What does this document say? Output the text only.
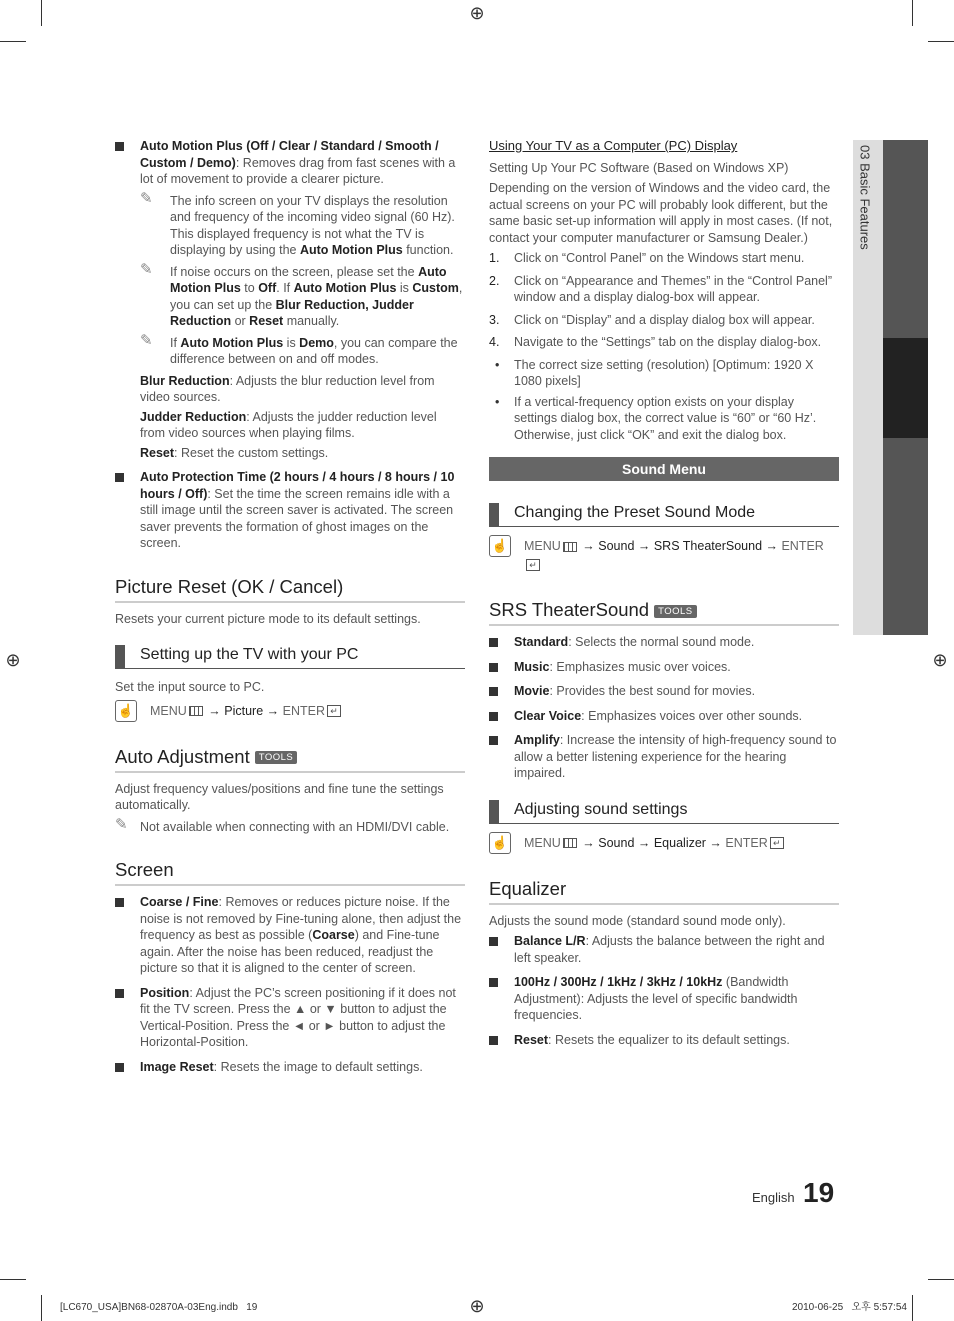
⊕
⊕	⊕
⊕
03 Basic Features
Auto Motion Plus (Off / Clear / Standard / Smooth / Custom / Demo): Removes drag from fast scenes with a lot of movement to provide a clearer picture.
✎ The info screen on your TV displays the resolution and frequency of the incoming video signal (60 Hz). This displayed frequency is not what the TV is displaying by using the Auto Motion Plus function.
✎ If noise occurs on the screen, please set the Auto Motion Plus to Off. If Auto Motion Plus is Custom, you can set up the Blur Reduction, Judder Reduction or Reset manually.
✎ If Auto Motion Plus is Demo, you can compare the difference between on and off modes.

Blur Reduction: Adjusts the blur reduction level from video sources.

Judder Reduction: Adjusts the judder reduction level from video sources when playing films.

Reset: Reset the custom settings.

Auto Protection Time (2 hours / 4 hours / 8 hours / 10 hours / Off): Set the time the screen remains idle with a still image until the screen saver is activated. The screen saver prevents the formation of ghost images on the screen.
Picture Reset (OK / Cancel)

Resets your current picture mode to its default settings.

Setting up the TV with your PC

Set the input source to PC.

☝ MENU → Picture → ENTER ↵
Auto Adjustment TOOLS

Adjust frequency values/positions and fine tune the settings automatically.

✎ Not available when connecting with an HDMI/DVI cable.
Screen
Coarse / Fine: Removes or reduces picture noise. If the noise is not removed by Fine-tuning alone, then adjust the frequency as best as possible (Coarse) and Fine-tune again. After the noise has been reduced, readjust the picture so that it is aligned to the center of screen.
Position: Adjust the PC’s screen positioning if it does not fit the TV screen. Press the ▲ or ▼ button to adjust the Vertical-Position. Press the ◄ or ► button to adjust the Horizontal-Position.
Image Reset: Resets the image to default settings.

Using Your TV as a Computer (PC) Display

Setting Up Your PC Software (Based on Windows XP)

Depending on the version of Windows and the video card, the actual screens on your PC will probably look different, but the same basic set-up information will apply in most cases. (If not, contact your computer manufacturer or Samsung Dealer.)

1. Click on “Control Panel” on the Windows start menu.
2. Click on “Appearance and Themes” in the “Control Panel” window and a display dialog-box will appear.
3. Click on “Display” and a display dialog box will appear.
4. Navigate to the “Settings” tab on the display dialog-box.
• The correct size setting (resolution) [Optimum: 1920 X 1080 pixels]
• If a vertical-frequency option exists on your display settings dialog box, the correct value is “60” or “60 Hz’. Otherwise, just click “OK” and exit the dialog box.
Sound Menu
Changing the Preset Sound Mode
☝ MENU → Sound → SRS TheaterSound → ENTER↵
SRS TheaterSound TOOLS
Standard: Selects the normal sound mode.
Music: Emphasizes music over voices.
Movie: Provides the best sound for movies.
Clear Voice: Emphasizes voices over other sounds.
Amplify: Increase the intensity of high-frequency sound to allow a better listening experience for the hearing impaired.
Adjusting sound settings
☝ MENU → Sound → Equalizer → ENTER ↵
Equalizer

Adjusts the sound mode (standard sound mode only).

Balance L/R: Adjusts the balance between the right and left speaker.
100Hz / 300Hz / 1kHz / 3kHz / 10kHz (Bandwidth Adjustment): Adjusts the level of specific bandwidth frequencies.
Reset: Resets the equalizer to its default settings.
English 19
[LC670_USA]BN68-02870A-03Eng.indb   19	2010-06-25   오후 5:57:54
